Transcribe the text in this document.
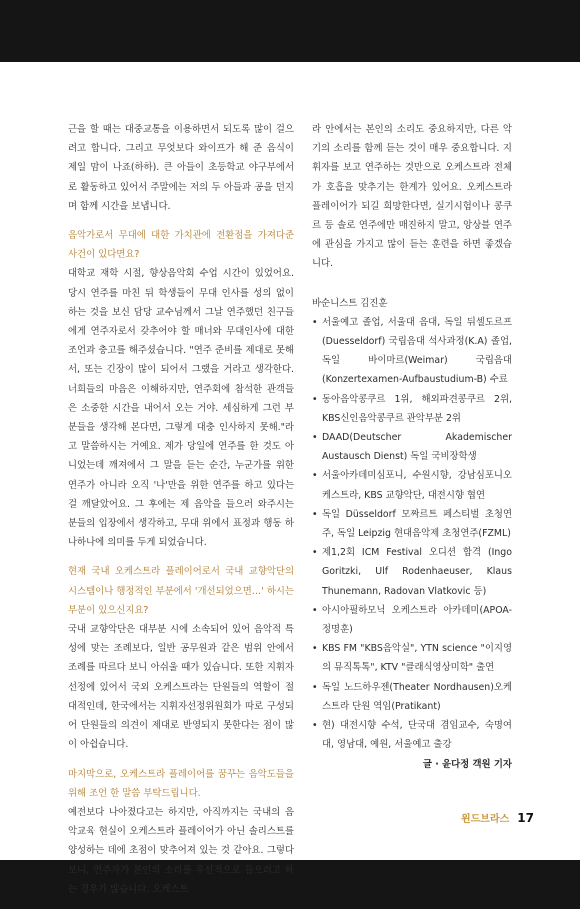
근을 할 때는 대중교통을 이용하면서 되도록 많이 걸으려고 합니다. 그리고 무엇보다 와이프가 해 준 음식이 제일 맘이 나죠(하하). 큰 아들이 초등학교 야구부에서로 활동하고 있어서 주말에는 저의 두 아들과 공을 던지며 함께 시간을 보냅니다.

음악가로서 무대에 대한 가치관에 전환점을 가져다준 사건이 있다면요?

대학교 재학 시절, 향상음악회 수업 시간이 있었어요. 당시 연주를 마친 뒤 학생들이 무대 인사를 성의 없이 하는 것을 보신 담당 교수님께서 그날 연주했던 친구들에게 연주자로서 갖추어야 할 매너와 무대인사에 대한 조언과 충고를 해주셨습니다. "연주 준비를 제대로 못해서, 또는 긴장이 많이 되어서 그랬을 거라고 생각한다. 너희들의 마음은 이해하지만, 연주회에 참석한 관객들은 소중한 시간을 내어서 오는 거야. 세심하게 그런 부분들을 생각해 본다면, 그렇게 대충 인사하지 못해."라고 말씀하시는 거예요. 제가 당일에 연주를 한 것도 아니었는데 깨져에서 그 말을 듣는 순간, 누군가를 위한 연주가 아니라 오직 '나'만을 위한 연주를 하고 있다는 걸 깨달았어요. 그 후에는 제 음악을 들으러 와주시는 분들의 입장에서 생각하고, 무대 위에서 표정과 행동 하나하나에 의미를 두게 되었습니다.

현재 국내 오케스트라 플레이어로서 국내 교향악단의 시스템이나 행정적인 부분에서 '개선되었으면…' 하시는 부분이 있으신지요?

국내 교향악단은 대부분 시에 소속되어 있어 음악적 특성에 맞는 조례보다, 일반 공무원과 같은 범위 안에서 조례를 따르다 보니 아쉬울 때가 있습니다. 또한 지휘자 선정에 있어서 국외 오케스트라는 단원들의 역할이 절대적인데, 한국에서는 지휘자선정위원회가 따로 구성되어 단원들의 의견이 제대로 반영되지 못한다는 점이 많이 아쉽습니다.

마지막으로, 오케스트라 플레이어를 꿈꾸는 음악도들을 위해 조언 한 말씀 부탁드립니다.

예전보다 나아졌다고는 하지만, 아직까지는 국내의 음악교육 현실이 오케스트라 플레이어가 아닌 솔리스트를 양성하는 데에 초점이 맞추어져 있는 것 같아요. 그렇다 보니, 연주자가 본인의 소리를 우선적으로 들으려고 하는 경우가 많습니다. 오케스트

라 안에서는 본인의 소리도 중요하지만, 다른 악기의 소리를 함께 듣는 것이 매우 중요합니다. 지휘자를 보고 연주하는 것만으로 오케스트라 전체가 호흡을 맞추기는 한계가 있어요. 오케스트라 플레이어가 되길 희망한다면, 실기시험이나 콩쿠르 등 솔로 연주에만 매진하지 말고, 앙상블 연주에 관심을 가지고 많이 듣는 훈련을 하면 좋겠습니다.

바순니스트 김진훈

• 서울예고 졸업, 서울대 음대, 독일 뒤셀도르프(Duesseldorf) 국립음대 석사과정(K.A) 졸업, 독일 바이마르(Weimar) 국립음대(Konzertexamen-Aufbaustudium-B) 수료
• 동아음악콩쿠르 1위, 해외파견콩쿠르 2위, KBS신인음악콩쿠르 관악부분 2위
• DAAD(Deutscher Akademischer Austausch Dienst) 독일 국비장학생
• 서울아카데미심포니, 수원시향, 강남심포니오케스트라, KBS 교향악단, 대전시향 협연
• 독일 Düsseldorf 모짜르트 페스티벌 초청연주, 독일 Leipzig 현대음악제 초청연주(FZML)
• 제1,2회 ICM Festival 오디션 합격 (Ingo Goritzki, Ulf Rodenhaeuser, Klaus Thunemann, Radovan Vlatkovic 등)
• 아시아필하모닉 오케스트라 아카데미(APOA-정명훈)
• KBS FM "KBS음악실", YTN science "이지영의 뮤직톡톡", KTV "클래식영상미학" 출연
• 독일 노드하우젠(Theater Nordhausen)오케스트라 단원 역임(Pratikant)
• 현) 대전시향 수석, 단국대 겸임교수, 숙명여대, 영남대, 예원, 서울예고 출강

글 · 윤다정 객원 기자

윈드브라스 17
